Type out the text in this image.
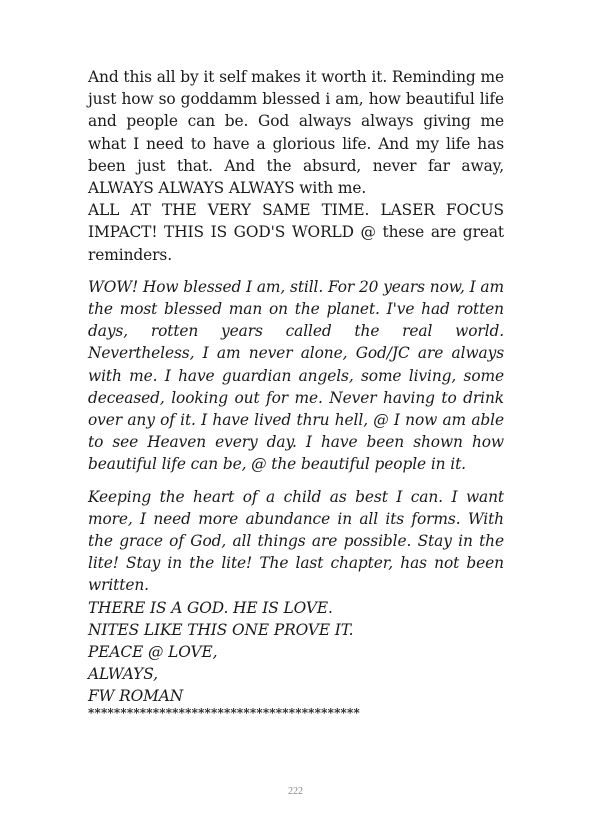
And this all by it self makes it worth it. Reminding me just how so goddamm blessed i am, how beautiful life and people can be. God always always giving me what I need to have a glorious life. And my life has been just that. And the absurd, never far away, ALWAYS ALWAYS ALWAYS with me.

ALL AT THE VERY SAME TIME. LASER FOCUS IMPACT! THIS IS GOD'S WORLD @ these are great reminders.

WOW! How blessed I am, still. For 20 years now, I am the most blessed man on the planet. I've had rotten days, rotten years called the real world. Nevertheless, I am never alone, God/JC are always with me. I have guardian angels, some living, some deceased, looking out for me. Never having to drink over any of it. I have lived thru hell, @ I now am able to see Heaven every day. I have been shown how beautiful life can be, @ the beautiful people in it.

Keeping the heart of a child as best I can. I want more, I need more abundance in all its forms. With the grace of God, all things are possible. Stay in the lite! Stay in the lite! The last chapter, has not been written.

THERE IS A GOD. HE IS LOVE.
NITES LIKE THIS ONE PROVE IT.
PEACE @ LOVE,
ALWAYS,
FW ROMAN
******************************************
222
